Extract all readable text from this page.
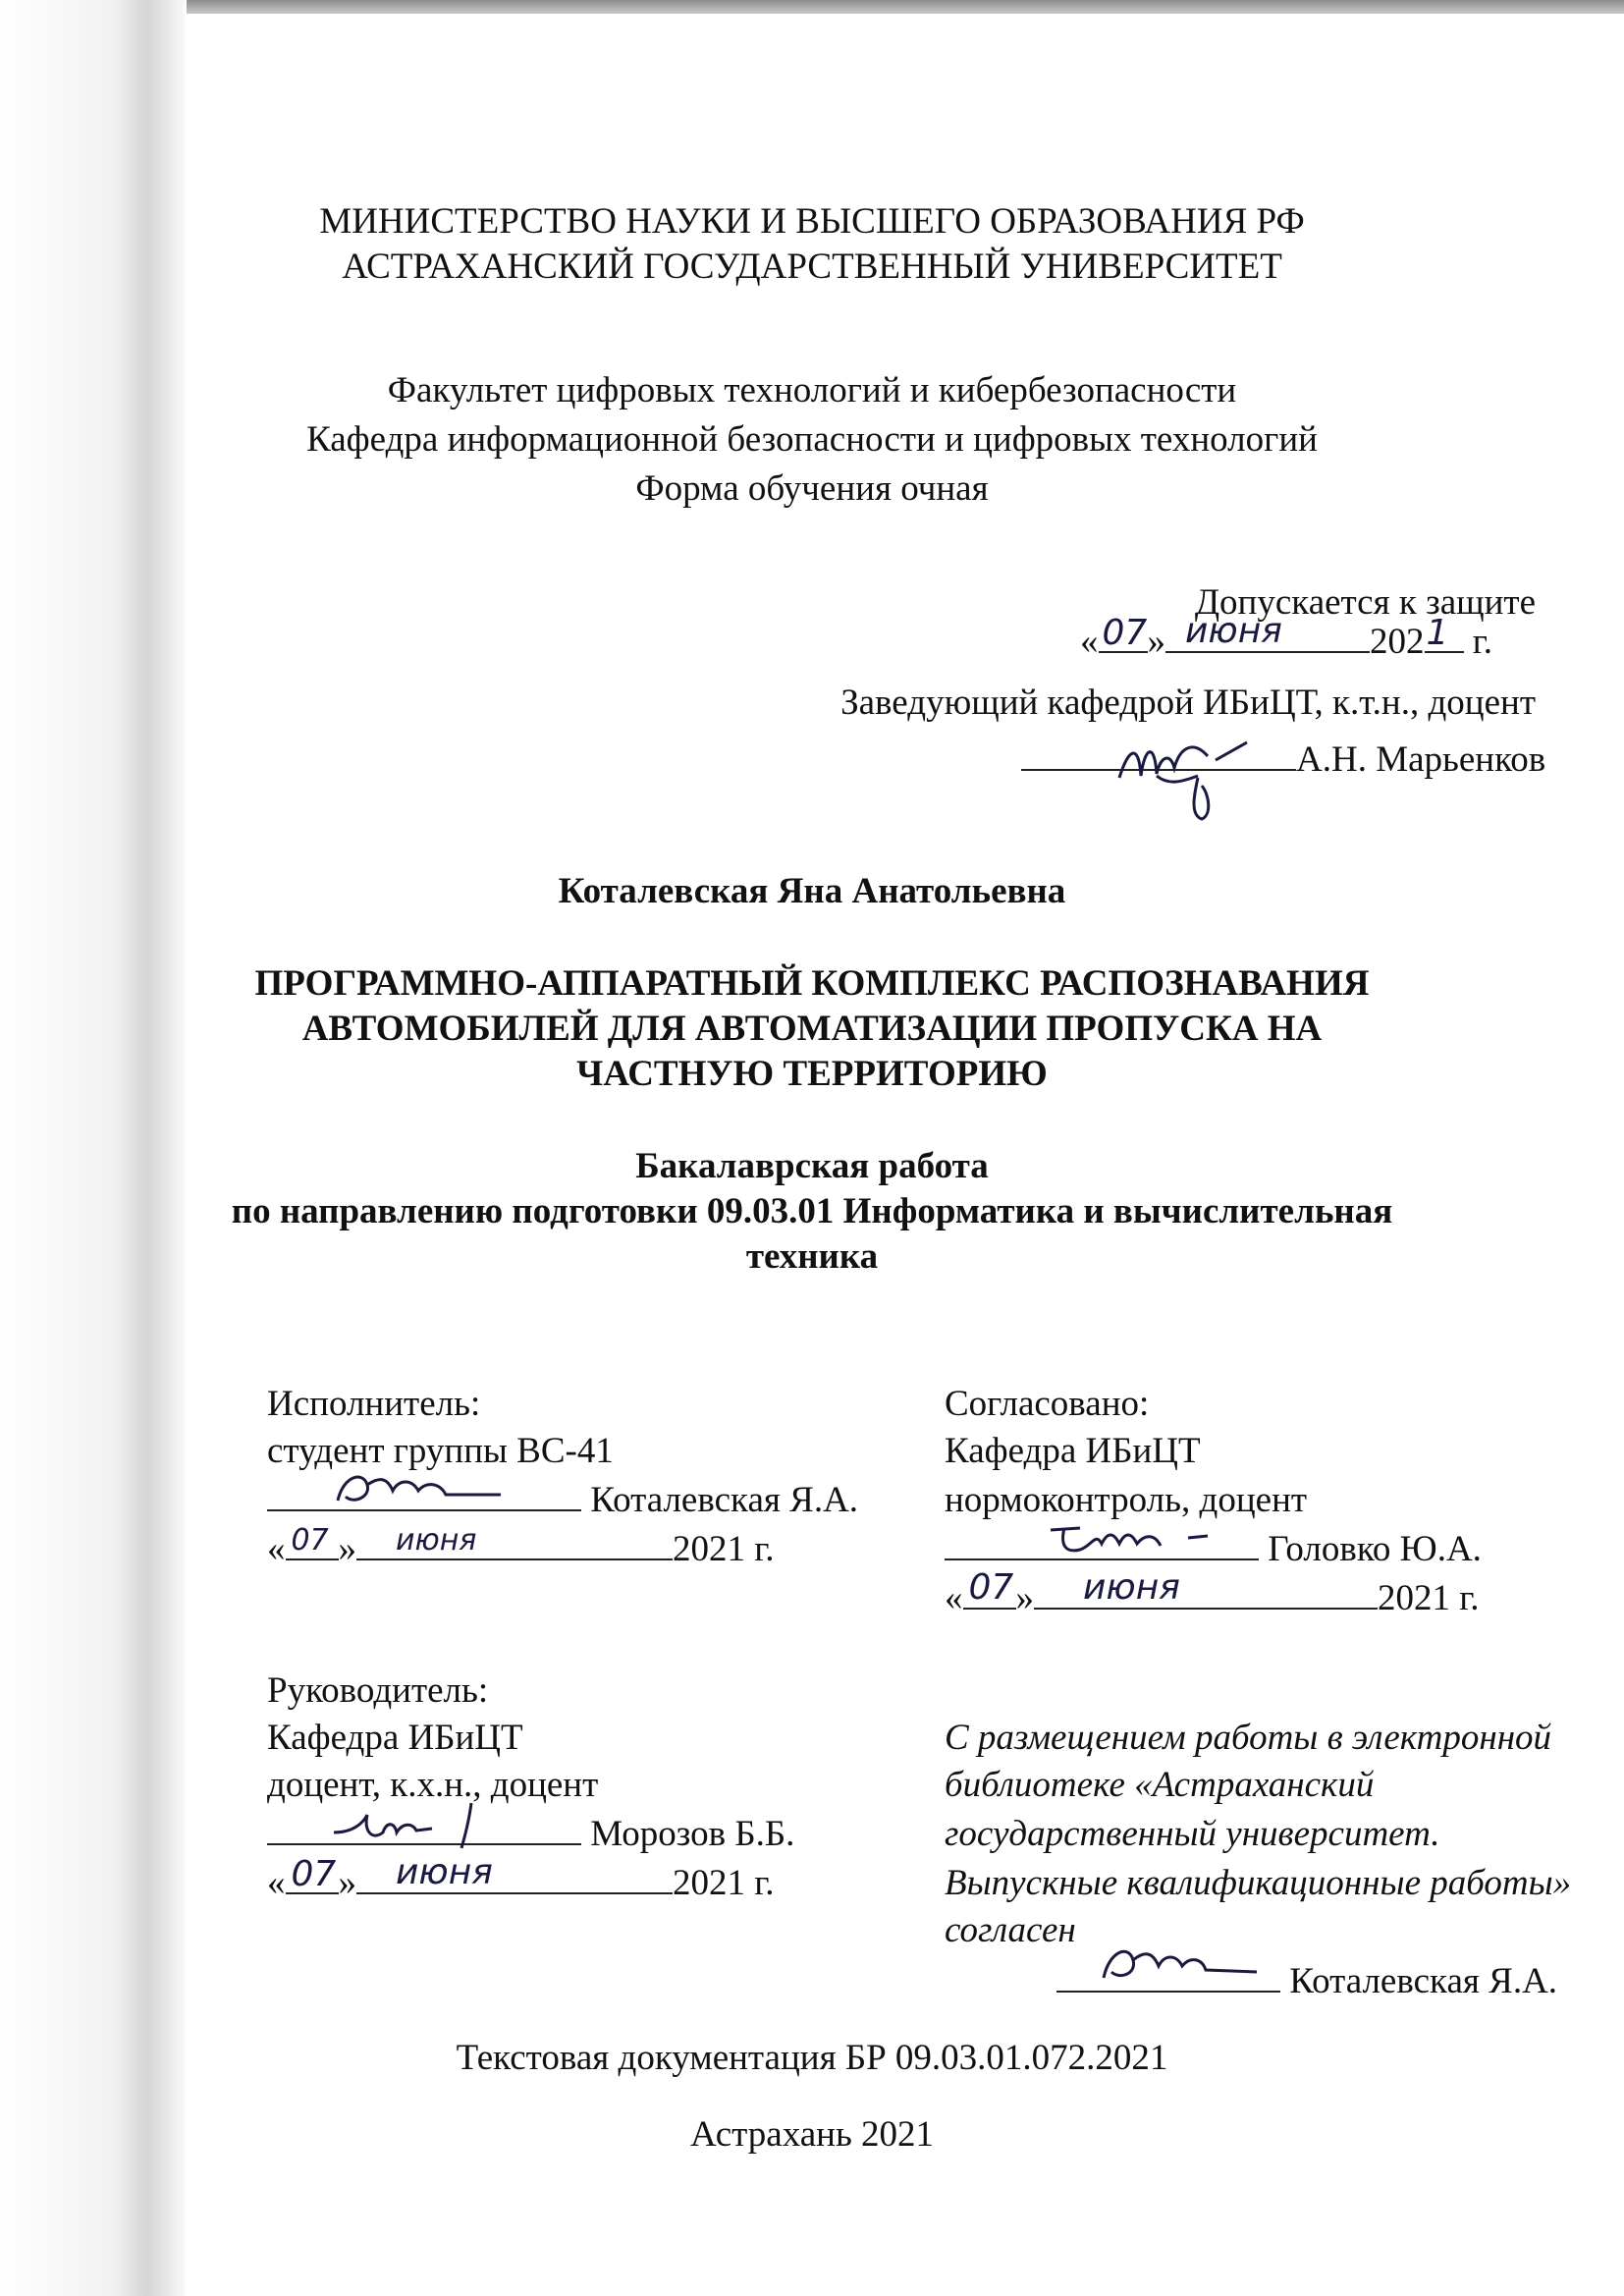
МИНИСТЕРСТВО НАУКИ И ВЫСШЕГО ОБРАЗОВАНИЯ РФ
АСТРАХАНСКИЙ ГОСУДАРСТВЕННЫЙ УНИВЕРСИТЕТ
Факультет цифровых технологий и кибербезопасности
Кафедра информационной безопасности и цифровых технологий
Форма обучения очная
Допускается к защите
« 07 » июня 202 1 г.
Заведующий кафедрой ИБиЦТ, к.т.н., доцент
А.Н. Марьенков
Коталевская Яна Анатольевна
ПРОГРАММНО-АППАРАТНЫЙ КОМПЛЕКС РАСПОЗНАВАНИЯ
АВТОМОБИЛЕЙ ДЛЯ АВТОМАТИЗАЦИИ ПРОПУСКА НА
ЧАСТНУЮ ТЕРРИТОРИЮ
Бакалаврская работа
по направлению подготовки 09.03.01 Информатика и вычислительная
техника
Исполнитель:
студент группы ВС-41
Коталевская Я.А.
« 07 » июня	2021 г.
Согласовано:
Кафедра ИБиЦТ
нормоконтроль, доцент
Головко Ю.А.
« 07 » июня	2021 г.
Руководитель:
Кафедра ИБиЦТ
доцент, к.х.н., доцент
Морозов Б.Б.
« 07 » июня	2021 г.
С размещением работы в электронной
библиотеке «Астраханский
государственный университет.
Выпускные квалификационные работы»
согласен
Коталевская Я.А.
Текстовая документация БР 09.03.01.072.2021
Астрахань 2021
